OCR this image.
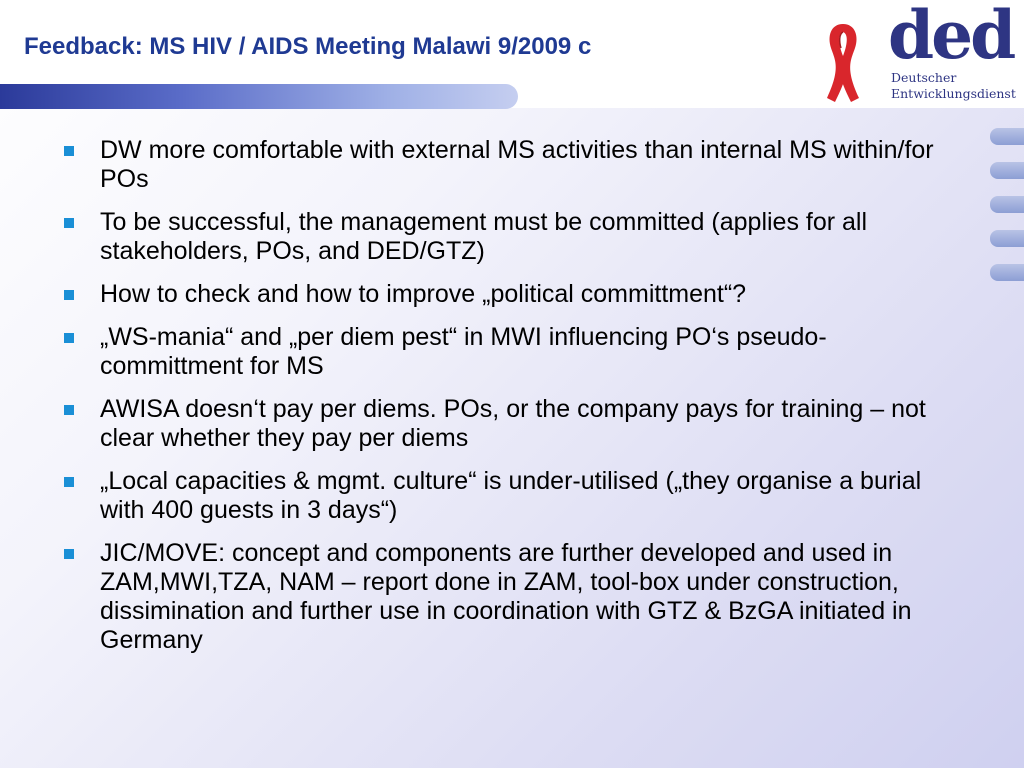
Feedback: MS HIV / AIDS Meeting Malawi 9/2009 c	ded
Deutscher
Entwicklungsdienst
DW more comfortable with external MS activities than internal MS within/for POs
To be successful, the management must be committed (applies for all stakeholders, POs, and DED/GTZ)
How to check and how to improve „political committment“?
„WS-mania“ and „per diem pest“ in MWI influencing PO‘s pseudo-committment for MS
AWISA doesn‘t pay per diems. POs, or the company pays for training – not clear whether they pay per diems
„Local capacities & mgmt. culture“ is under-utilised („they organise a burial with 400 guests in 3 days“)
JIC/MOVE: concept and components are further developed and used in ZAM,MWI,TZA, NAM – report done in ZAM, tool-box under construction, dissimination and further use in coordination with GTZ & BzGA initiated in Germany
